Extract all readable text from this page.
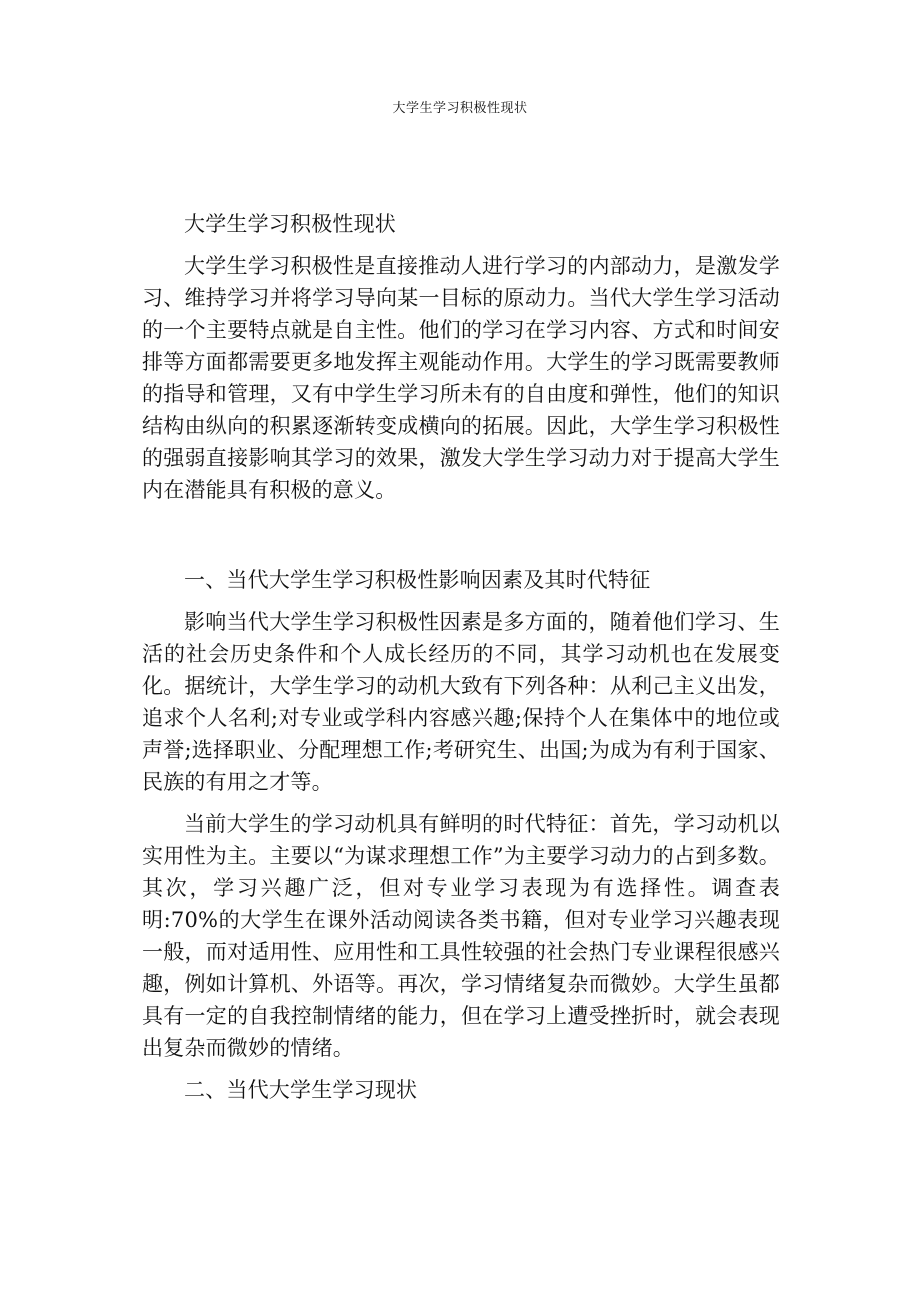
大学生学习积极性现状

大学生学习积极性现状

大学生学习积极性是直接推动人进行学习的内部动力，是激发学习、维持学习并将学习导向某一目标的原动力。当代大学生学习活动的一个主要特点就是自主性。他们的学习在学习内容、方式和时间安排等方面都需要更多地发挥主观能动作用。大学生的学习既需要教师的指导和管理，又有中学生学习所未有的自由度和弹性，他们的知识结构由纵向的积累逐渐转变成横向的拓展。因此，大学生学习积极性的强弱直接影响其学习的效果，激发大学生学习动力对于提高大学生内在潜能具有积极的意义。

一、当代大学生学习积极性影响因素及其时代特征

影响当代大学生学习积极性因素是多方面的，随着他们学习、生活的社会历史条件和个人成长经历的不同，其学习动机也在发展变化。据统计，大学生学习的动机大致有下列各种：从利己主义出发，追求个人名利;对专业或学科内容感兴趣;保持个人在集体中的地位或声誉;选择职业、分配理想工作;考研究生、出国;为成为有利于国家、民族的有用之才等。

当前大学生的学习动机具有鲜明的时代特征：首先，学习动机以实用性为主。主要以“为谋求理想工作”为主要学习动力的占到多数。其次，学习兴趣广泛，但对专业学习表现为有选择性。调查表明:70%的大学生在课外活动阅读各类书籍，但对专业学习兴趣表现一般，而对适用性、应用性和工具性较强的社会热门专业课程很感兴趣，例如计算机、外语等。再次，学习情绪复杂而微妙。大学生虽都具有一定的自我控制情绪的能力，但在学习上遭受挫折时，就会表现出复杂而微妙的情绪。

二、当代大学生学习现状
